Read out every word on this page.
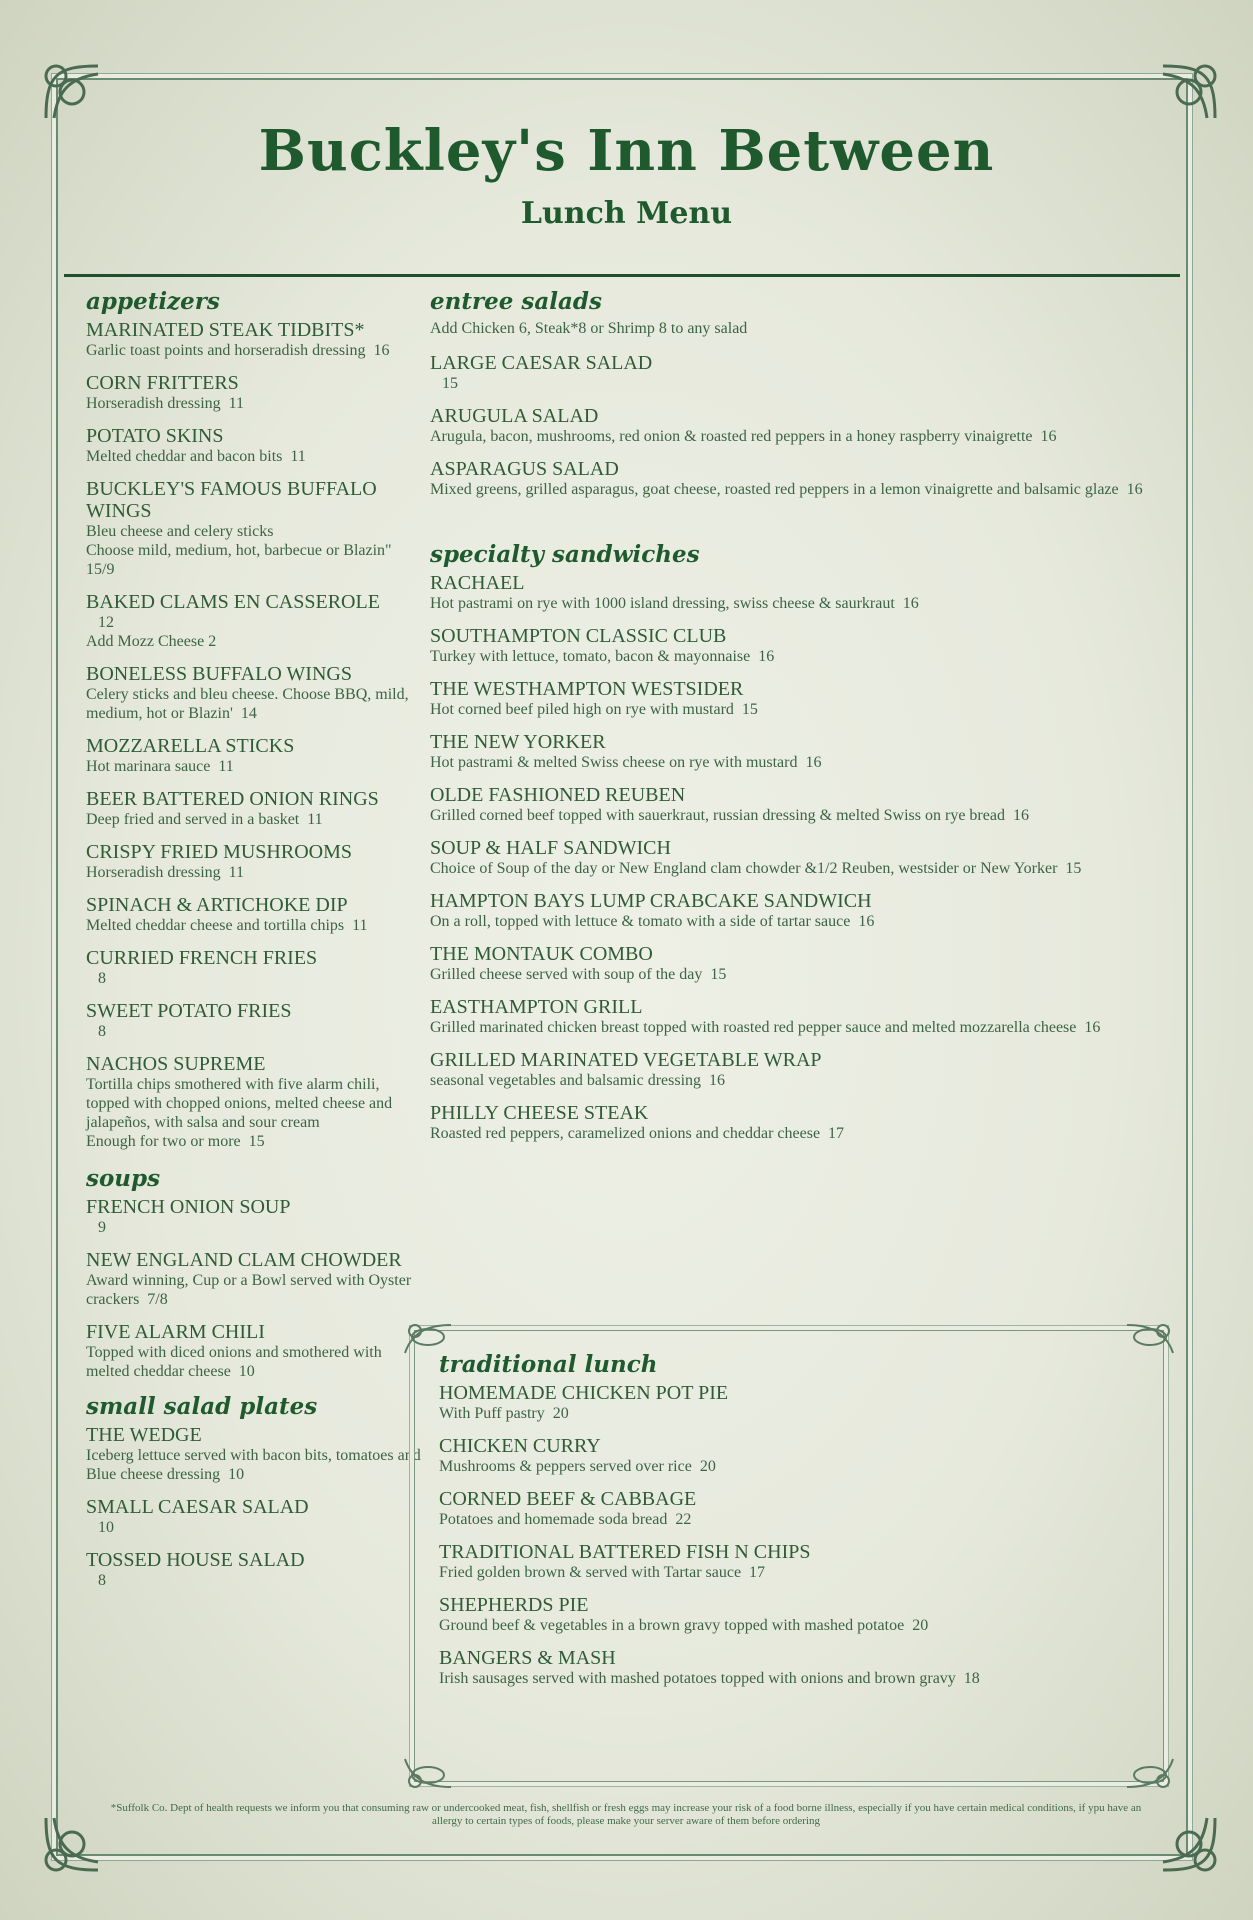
Buckley's Inn Between
Lunch Menu
appetizers
MARINATED STEAK TIDBITS*
Garlic toast points and horseradish dressing  16
CORN FRITTERS
Horseradish dressing  11
POTATO SKINS
Melted cheddar and bacon bits  11
BUCKLEY'S FAMOUS BUFFALO WINGS
Bleu cheese and celery sticks
Choose mild, medium, hot, barbecue or Blazin"  15/9
BAKED CLAMS EN CASSEROLE
12
Add Mozz Cheese 2
BONELESS BUFFALO WINGS
Celery sticks and bleu cheese. Choose BBQ, mild, medium, hot or Blazin'  14
MOZZARELLA STICKS
Hot marinara sauce  11
BEER BATTERED ONION RINGS
Deep fried and served in a basket  11
CRISPY FRIED MUSHROOMS
Horseradish dressing  11
SPINACH & ARTICHOKE DIP
Melted cheddar cheese and tortilla chips  11
CURRIED FRENCH FRIES
8
SWEET POTATO FRIES
8
NACHOS SUPREME
Tortilla chips smothered with five alarm chili, topped with chopped onions, melted cheese and jalapeños, with salsa and sour cream
Enough for two or more  15
soups
FRENCH ONION SOUP
9
NEW ENGLAND CLAM CHOWDER
Award winning, Cup or a Bowl served with Oyster crackers  7/8
FIVE ALARM CHILI
Topped with diced onions and smothered with melted cheddar cheese  10
small salad plates
THE WEDGE
Iceberg lettuce served with bacon bits, tomatoes and Blue cheese dressing  10
SMALL CAESAR SALAD
10
TOSSED HOUSE SALAD
8
entree salads
Add Chicken 6, Steak*8 or Shrimp 8 to any salad
LARGE CAESAR SALAD
15
ARUGULA SALAD
Arugula, bacon, mushrooms, red onion & roasted red peppers in a honey raspberry vinaigrette  16
ASPARAGUS SALAD
Mixed greens, grilled asparagus, goat cheese, roasted red peppers in a lemon vinaigrette and balsamic glaze  16
specialty sandwiches
RACHAEL
Hot pastrami on rye with 1000 island dressing, swiss cheese & saurkraut  16
SOUTHAMPTON CLASSIC CLUB
Turkey with lettuce, tomato, bacon & mayonnaise  16
THE WESTHAMPTON WESTSIDER
Hot corned beef piled high on rye with mustard  15
THE NEW YORKER
Hot pastrami & melted Swiss cheese on rye with mustard  16
OLDE FASHIONED REUBEN
Grilled corned beef topped with sauerkraut, russian dressing & melted Swiss on rye bread  16
SOUP & HALF SANDWICH
Choice of Soup of the day or New England clam chowder &1/2 Reuben, westsider or New Yorker  15
HAMPTON BAYS LUMP CRABCAKE SANDWICH
On a roll, topped with lettuce & tomato with a side of tartar sauce  16
THE MONTAUK COMBO
Grilled cheese served with soup of the day  15
EASTHAMPTON GRILL
Grilled marinated chicken breast topped with roasted red pepper sauce and melted mozzarella cheese  16
GRILLED MARINATED VEGETABLE WRAP
seasonal vegetables and balsamic dressing  16
PHILLY CHEESE STEAK
Roasted red peppers, caramelized onions and cheddar cheese  17
traditional lunch
HOMEMADE CHICKEN POT PIE
With Puff pastry  20
CHICKEN CURRY
Mushrooms & peppers served over rice  20
CORNED BEEF & CABBAGE
Potatoes and homemade soda bread  22
TRADITIONAL BATTERED FISH N CHIPS
Fried golden brown & served with Tartar sauce  17
SHEPHERDS PIE
Ground beef & vegetables in a brown gravy topped with mashed potatoe  20
BANGERS & MASH
Irish sausages served with mashed potatoes topped with onions and brown gravy  18
*Suffolk Co. Dept of health requests we inform you that consuming raw or undercooked meat, fish, shellfish or fresh eggs may increase your risk of a food borne illness, especially if you have certain medical conditions, if ypu have an allergy to certain types of foods, please make your server aware of them before ordering
